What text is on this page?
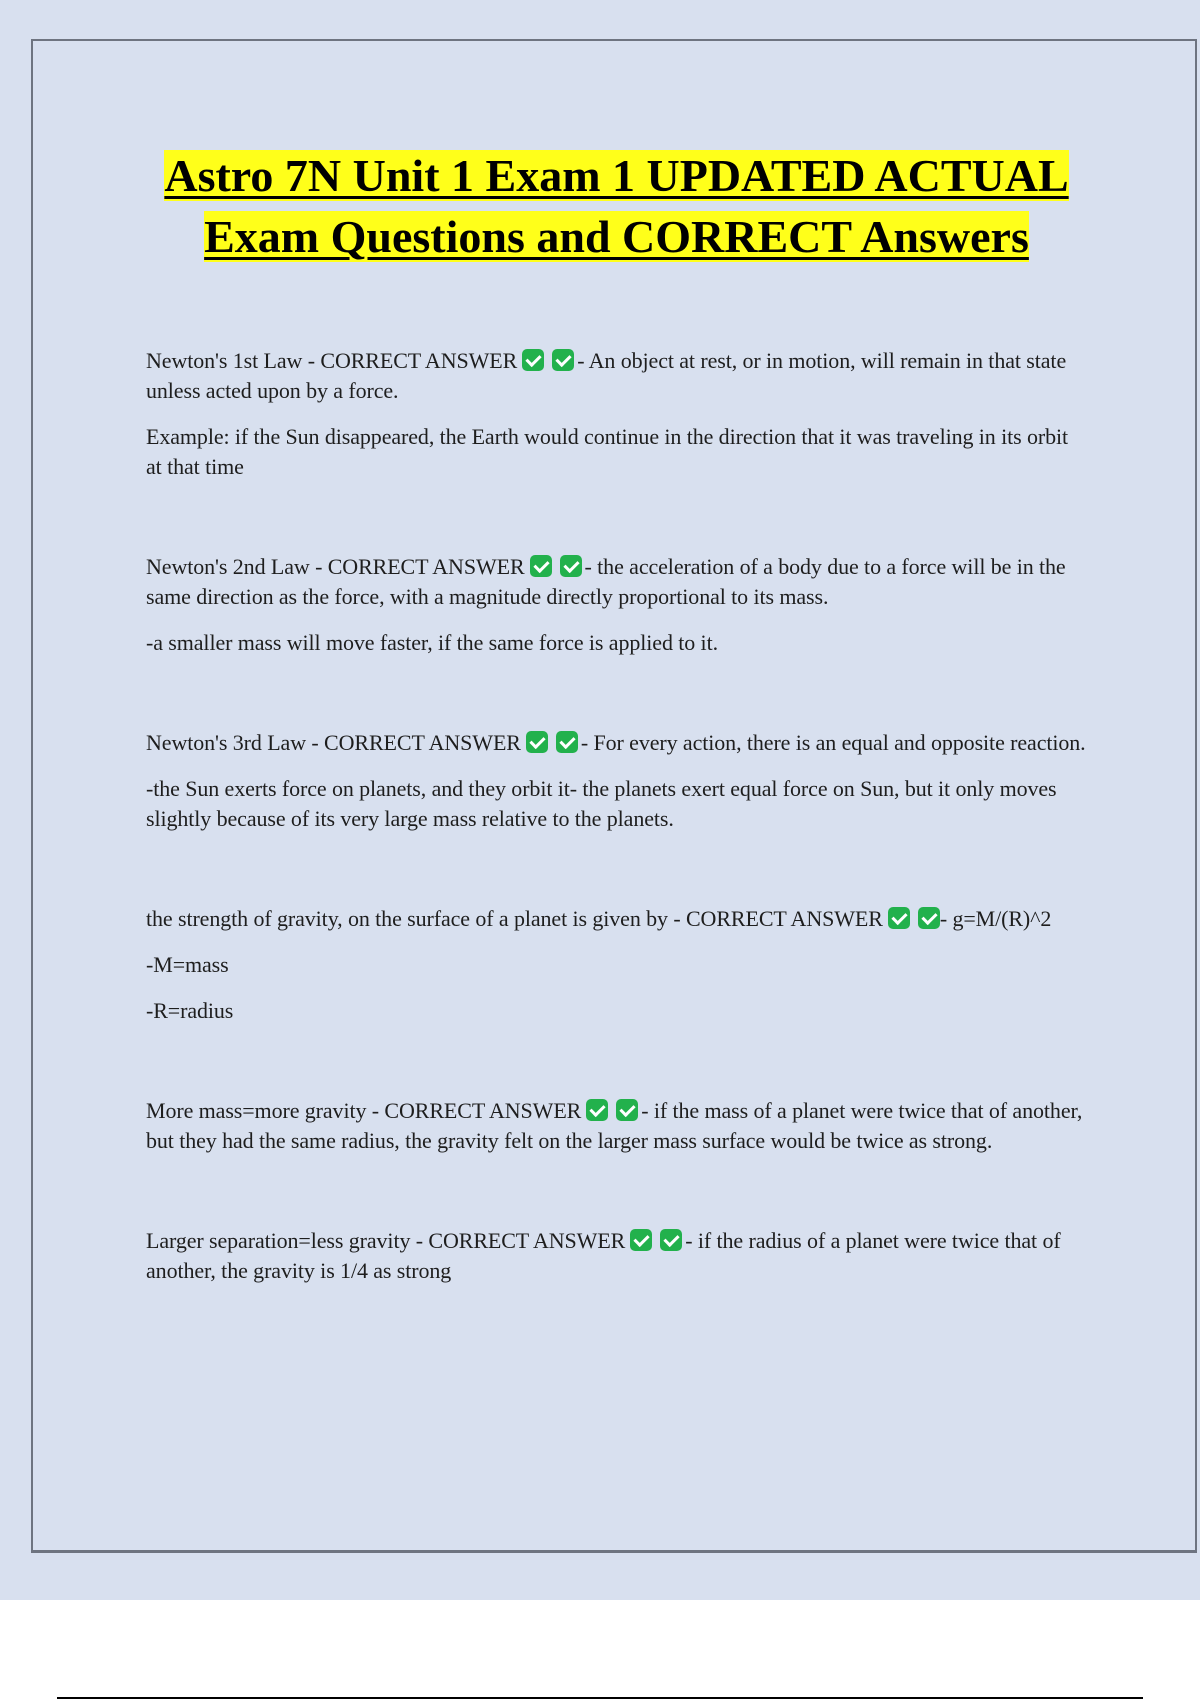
Astro 7N Unit 1 Exam 1 UPDATED ACTUAL Exam Questions and CORRECT Answers

Newton's 1st Law - CORRECT ANSWER	- An object at rest, or in motion, will remain in that state unless acted upon by a force.

Example: if the Sun disappeared, the Earth would continue in the direction that it was traveling in its orbit at that time

Newton's 2nd Law - CORRECT ANSWER	- the acceleration of a body due to a force will be in the same direction as the force, with a magnitude directly proportional to its mass.

-a smaller mass will move faster, if the same force is applied to it.

Newton's 3rd Law - CORRECT ANSWER	- For every action, there is an equal and opposite reaction.

-the Sun exerts force on planets, and they orbit it- the planets exert equal force on Sun, but it only moves slightly because of its very large mass relative to the planets.

the strength of gravity, on the surface of a planet is given by - CORRECT ANSWER	- g=M/(R)^2

-M=mass

-R=radius

More mass=more gravity - CORRECT ANSWER	- if the mass of a planet were twice that of another, but they had the same radius, the gravity felt on the larger mass surface would be twice as strong.

Larger separation=less gravity - CORRECT ANSWER	- if the radius of a planet were twice that of another, the gravity is 1/4 as strong
